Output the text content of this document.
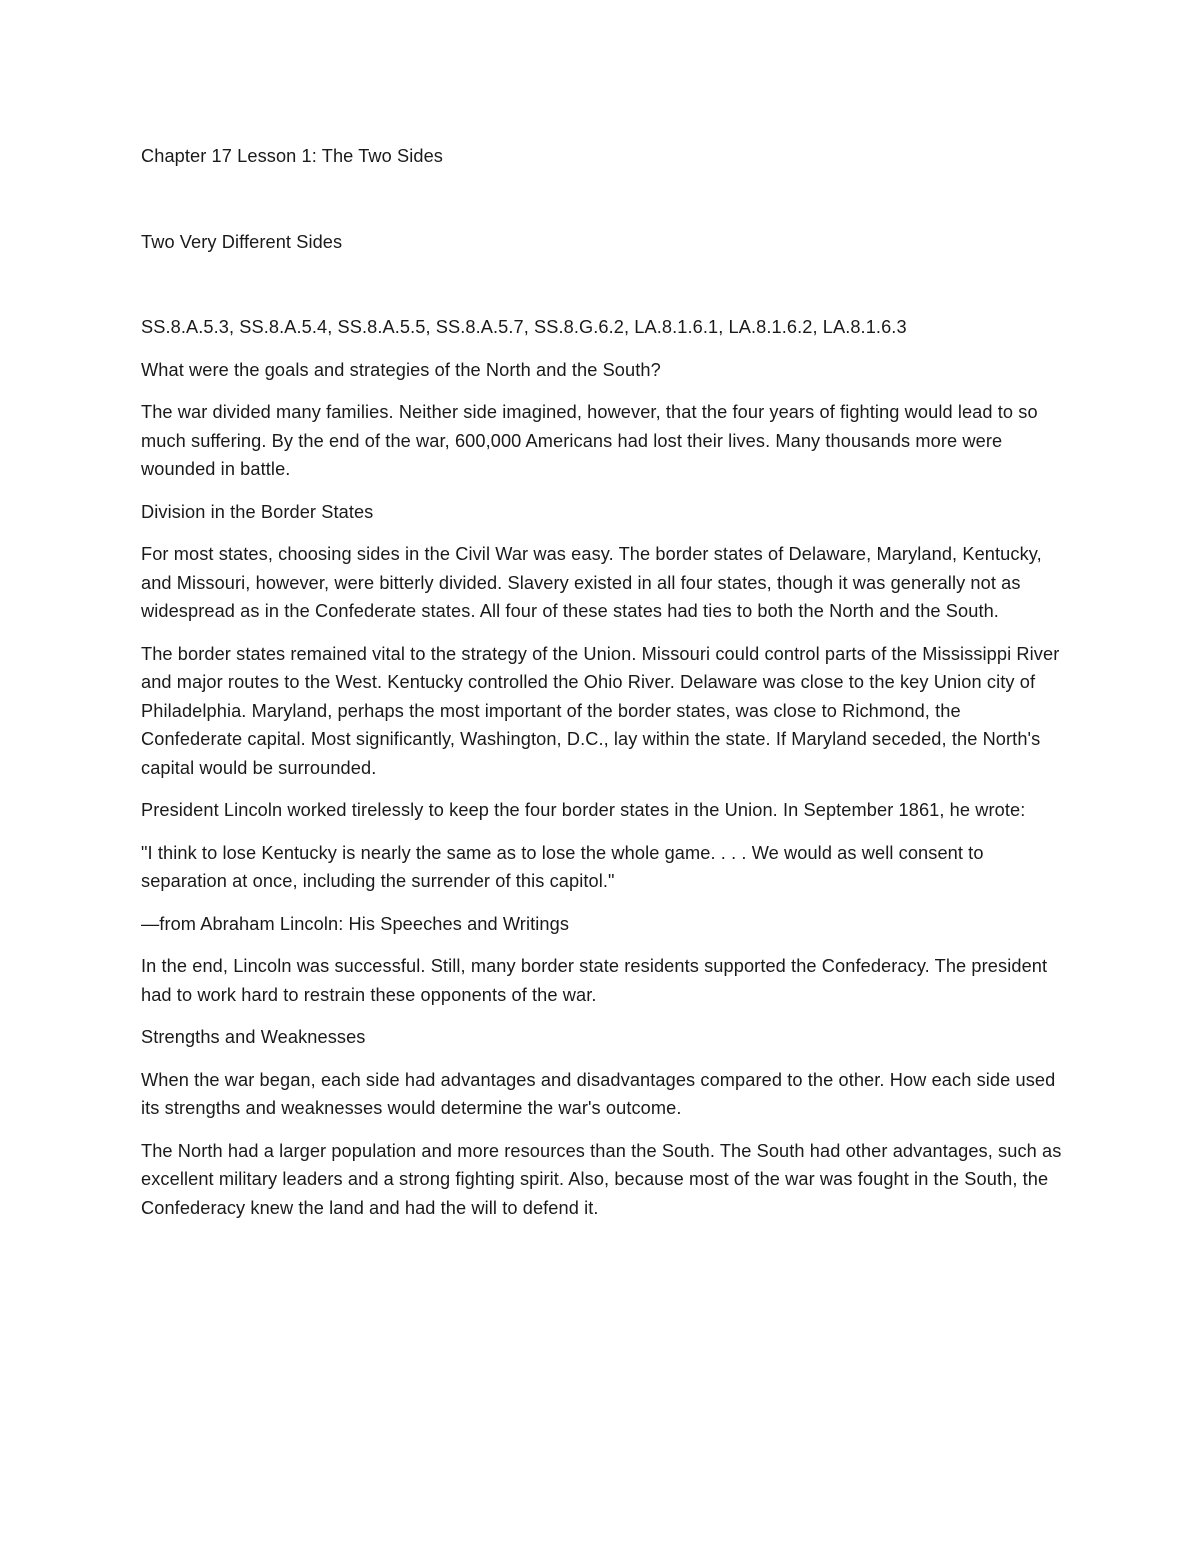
Chapter 17 Lesson 1: The Two Sides

Two Very Different Sides

SS.8.A.5.3, SS.8.A.5.4, SS.8.A.5.5, SS.8.A.5.7, SS.8.G.6.2, LA.8.1.6.1, LA.8.1.6.2, LA.8.1.6.3

What were the goals and strategies of the North and the South?

The war divided many families. Neither side imagined, however, that the four years of fighting would lead to so much suffering. By the end of the war, 600,000 Americans had lost their lives. Many thousands more were wounded in battle.

Division in the Border States

For most states, choosing sides in the Civil War was easy. The border states of Delaware, Maryland, Kentucky, and Missouri, however, were bitterly divided. Slavery existed in all four states, though it was generally not as widespread as in the Confederate states. All four of these states had ties to both the North and the South.

The border states remained vital to the strategy of the Union. Missouri could control parts of the Mississippi River and major routes to the West. Kentucky controlled the Ohio River. Delaware was close to the key Union city of Philadelphia. Maryland, perhaps the most important of the border states, was close to Richmond, the Confederate capital. Most significantly, Washington, D.C., lay within the state. If Maryland seceded, the North's capital would be surrounded.

President Lincoln worked tirelessly to keep the four border states in the Union. In September 1861, he wrote:

"I think to lose Kentucky is nearly the same as to lose the whole game. . . . We would as well consent to separation at once, including the surrender of this capitol."

—from Abraham Lincoln: His Speeches and Writings

In the end, Lincoln was successful. Still, many border state residents supported the Confederacy. The president had to work hard to restrain these opponents of the war.

Strengths and Weaknesses

When the war began, each side had advantages and disadvantages compared to the other. How each side used its strengths and weaknesses would determine the war's outcome.

The North had a larger population and more resources than the South. The South had other advantages, such as excellent military leaders and a strong fighting spirit. Also, because most of the war was fought in the South, the Confederacy knew the land and had the will to defend it.
